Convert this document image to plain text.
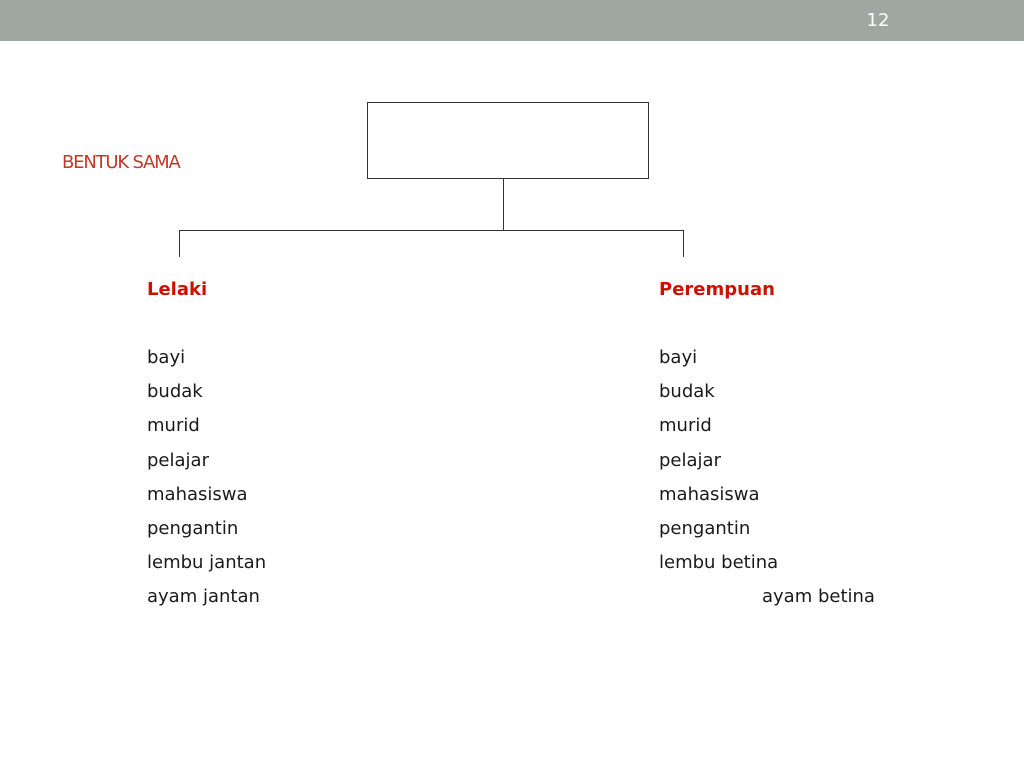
12
BENTUK SAMA
Lelaki
bayi
budak
murid
pelajar
mahasiswa
pengantin
lembu jantan
ayam jantan
Perempuan
bayi
budak
murid
pelajar
mahasiswa
pengantin
lembu betina
ayam betina
